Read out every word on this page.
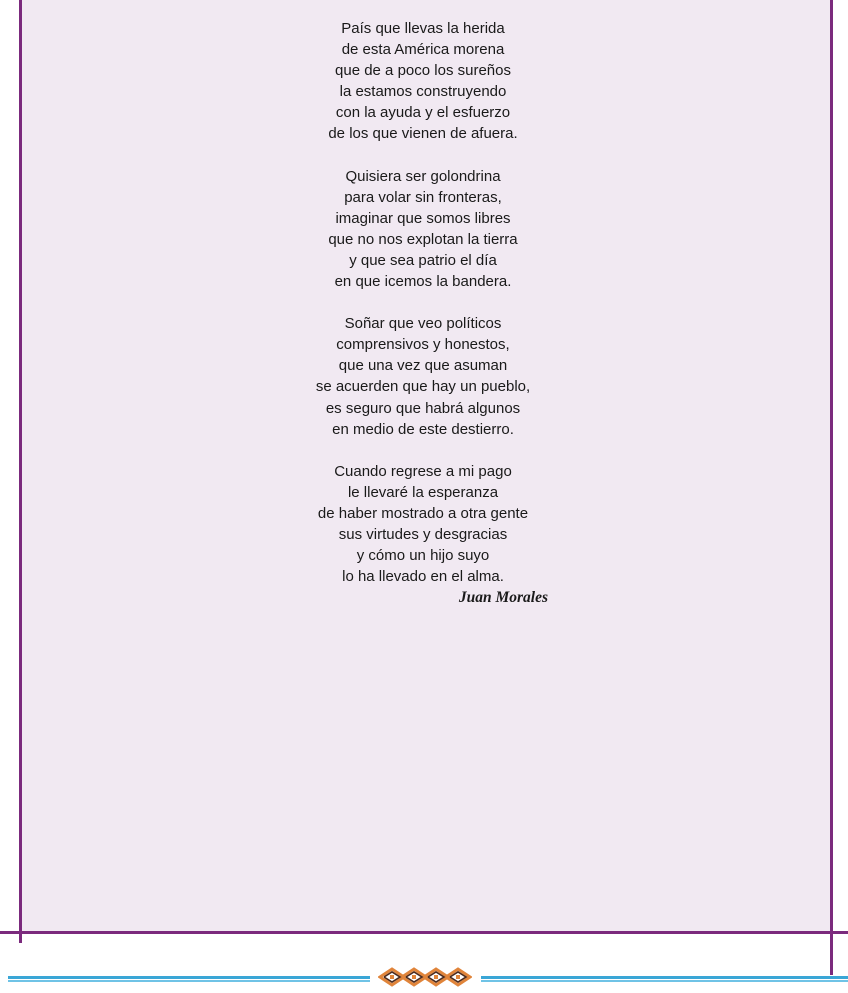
País que llevas la herida
de esta América morena
que de a poco los sureños
la estamos construyendo
con la ayuda y el esfuerzo
de los que vienen de afuera.
Quisiera ser golondrina
para volar sin fronteras,
imaginar que somos libres
que no nos explotan la tierra
y que sea patrio el día
en que icemos la bandera.
Soñar que veo políticos
comprensivos y honestos,
que una vez que asuman
se acuerden que hay un pueblo,
es seguro que habrá algunos
en medio de este destierro.
Cuando regrese a mi pago
le llevaré la esperanza
de haber mostrado a otra gente
sus virtudes y desgracias
y cómo un hijo suyo
lo ha llevado en el alma.
Juan Morales
